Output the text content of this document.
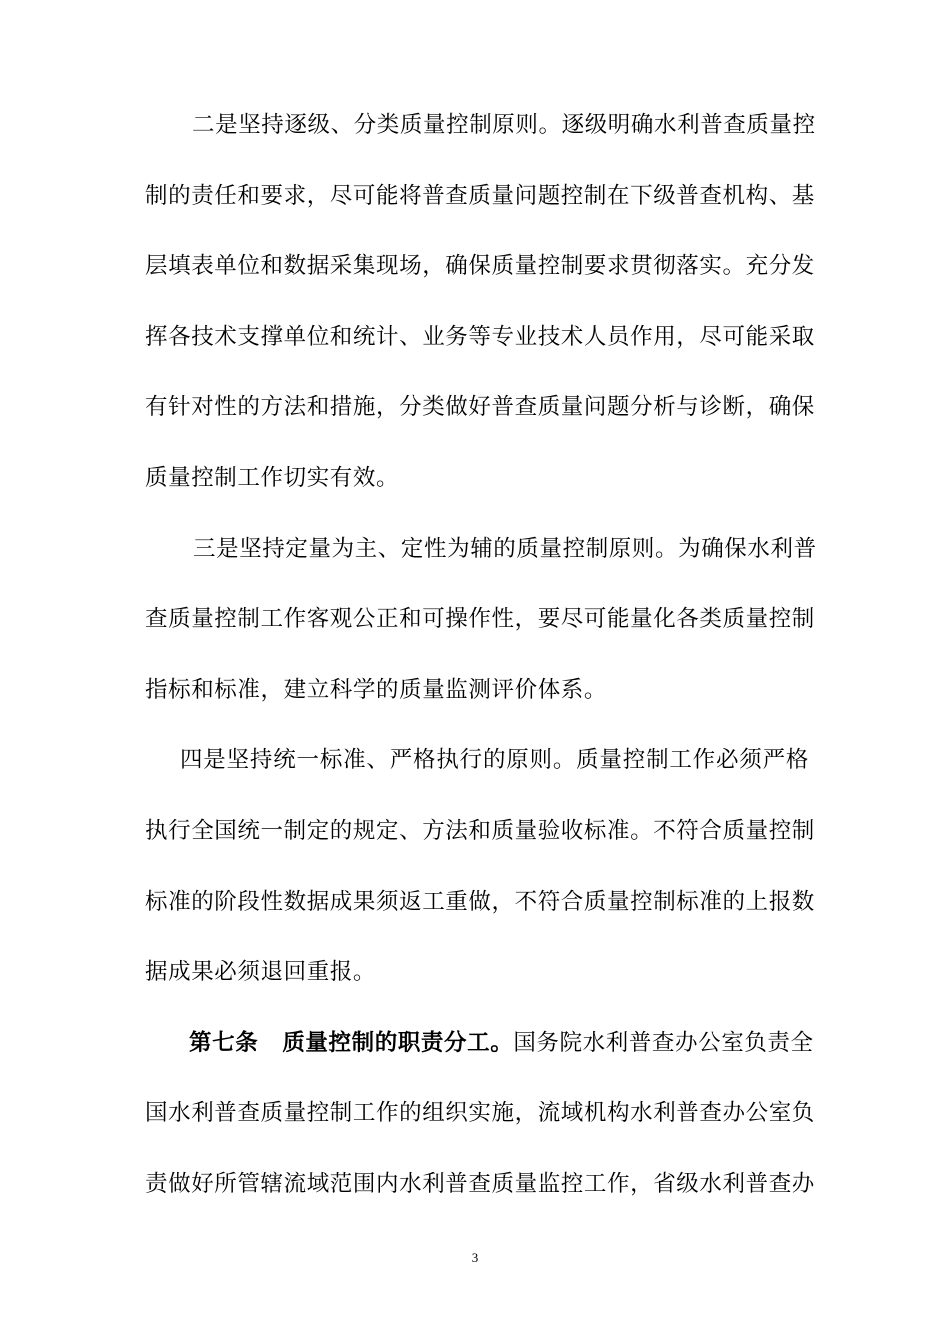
二是坚持逐级、分类质量控制原则。逐级明确水利普查质量控
制的责任和要求，尽可能将普查质量问题控制在下级普查机构、基
层填表单位和数据采集现场，确保质量控制要求贯彻落实。充分发
挥各技术支撑单位和统计、业务等专业技术人员作用，尽可能采取
有针对性的方法和措施，分类做好普查质量问题分析与诊断，确保
质量控制工作切实有效。
三是坚持定量为主、定性为辅的质量控制原则。为确保水利普
查质量控制工作客观公正和可操作性，要尽可能量化各类质量控制
指标和标准，建立科学的质量监测评价体系。
四是坚持统一标准、严格执行的原则。质量控制工作必须严格
执行全国统一制定的规定、方法和质量验收标准。不符合质量控制
标准的阶段性数据成果须返工重做，不符合质量控制标准的上报数
据成果必须退回重报。
第七条 质量控制的职责分工。国务院水利普查办公室负责全
国水利普查质量控制工作的组织实施，流域机构水利普查办公室负
责做好所管辖流域范围内水利普查质量监控工作，省级水利普查办
3
